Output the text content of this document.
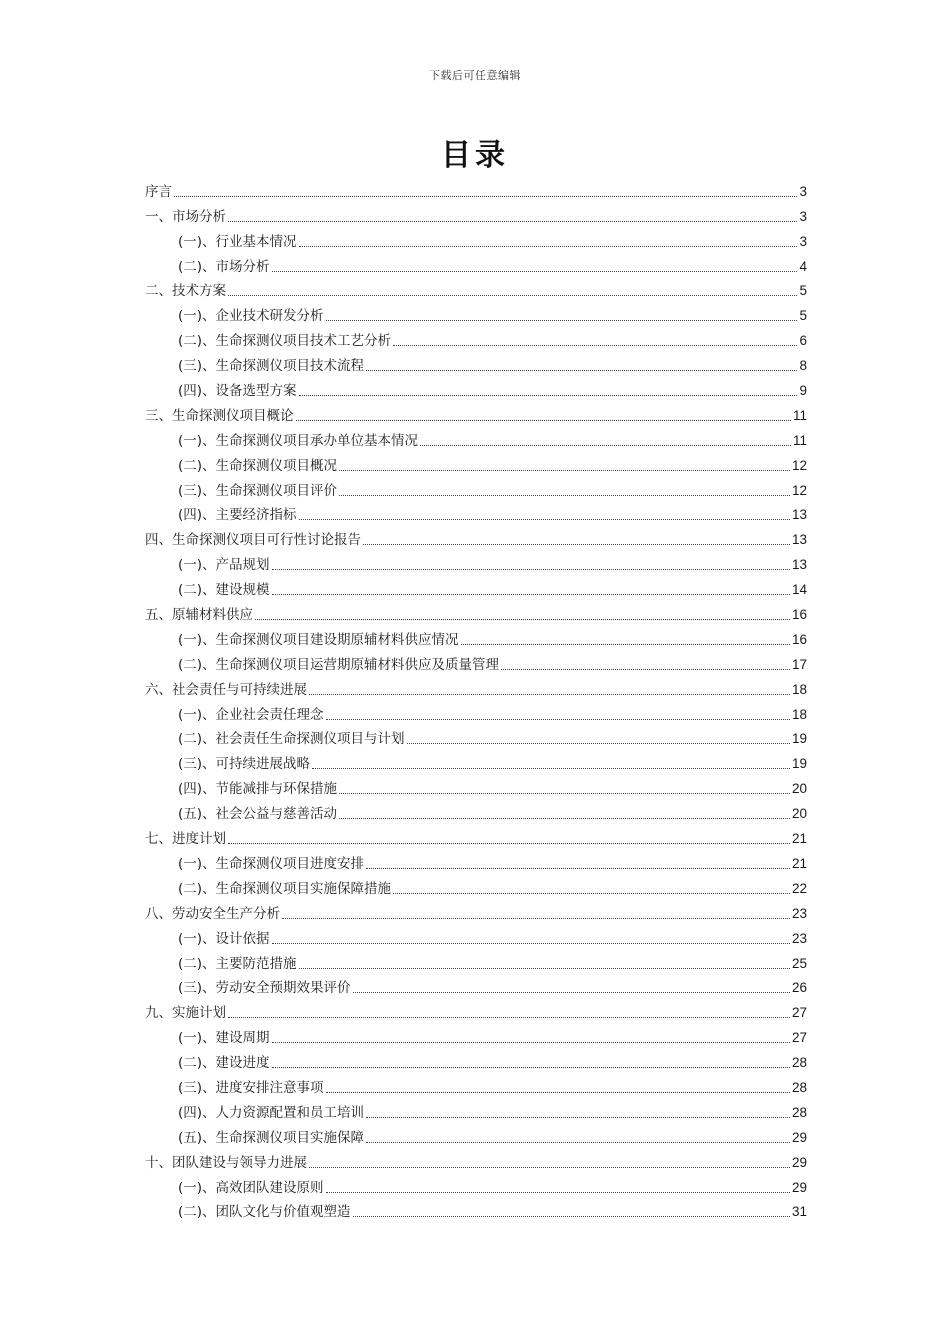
下载后可任意编辑
目录
序言	3
一、市场分析	3
(一)、行业基本情况	3
(二)、市场分析	4
二、技术方案	5
(一)、企业技术研发分析	5
(二)、生命探测仪项目技术工艺分析	6
(三)、生命探测仪项目技术流程	8
(四)、设备选型方案	9
三、生命探测仪项目概论	11
(一)、生命探测仪项目承办单位基本情况	11
(二)、生命探测仪项目概况	12
(三)、生命探测仪项目评价	12
(四)、主要经济指标	13
四、生命探测仪项目可行性讨论报告	13
(一)、产品规划	13
(二)、建设规模	14
五、原辅材料供应	16
(一)、生命探测仪项目建设期原辅材料供应情况	16
(二)、生命探测仪项目运营期原辅材料供应及质量管理	17
六、社会责任与可持续进展	18
(一)、企业社会责任理念	18
(二)、社会责任生命探测仪项目与计划	19
(三)、可持续进展战略	19
(四)、节能减排与环保措施	20
(五)、社会公益与慈善活动	20
七、进度计划	21
(一)、生命探测仪项目进度安排	21
(二)、生命探测仪项目实施保障措施	22
八、劳动安全生产分析	23
(一)、设计依据	23
(二)、主要防范措施	25
(三)、劳动安全预期效果评价	26
九、实施计划	27
(一)、建设周期	27
(二)、建设进度	28
(三)、进度安排注意事项	28
(四)、人力资源配置和员工培训	28
(五)、生命探测仪项目实施保障	29
十、团队建设与领导力进展	29
(一)、高效团队建设原则	29
(二)、团队文化与价值观塑造	31
